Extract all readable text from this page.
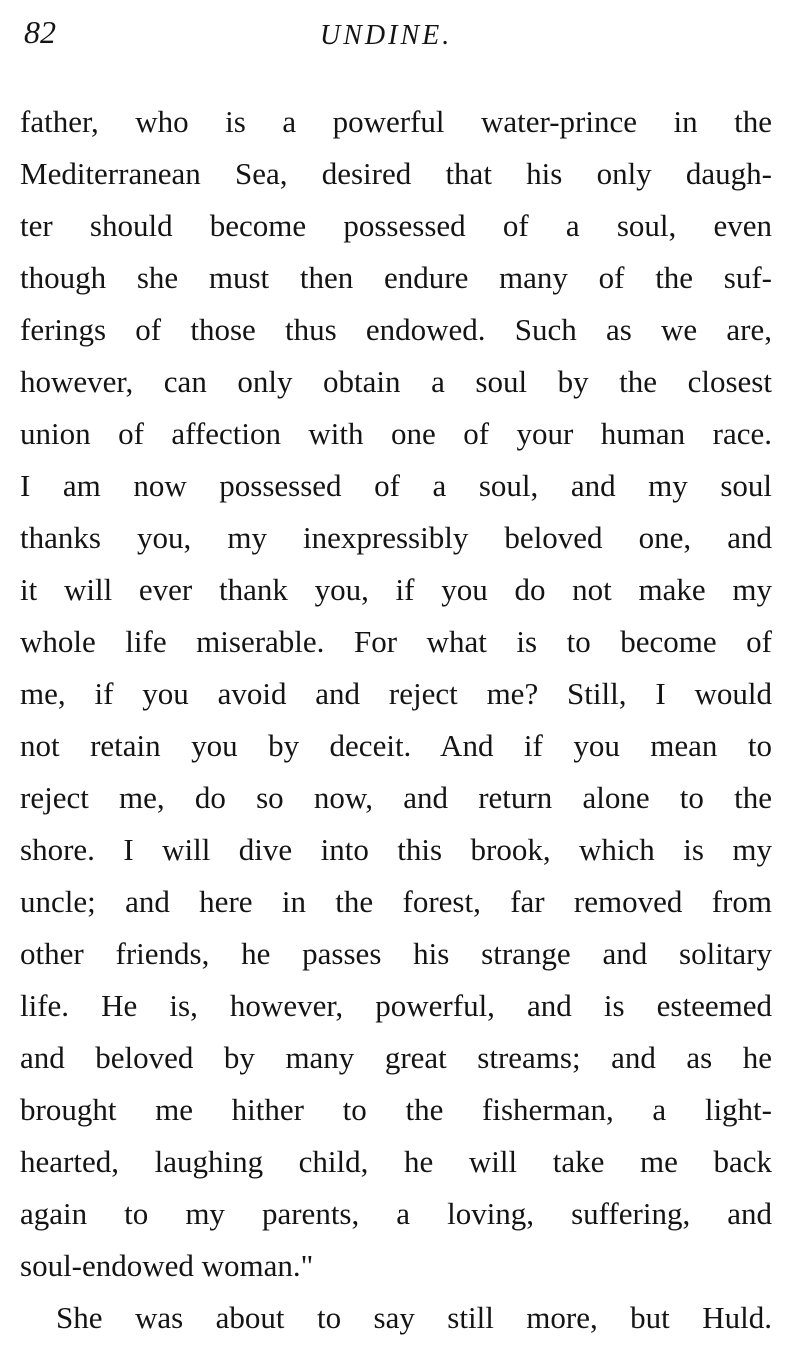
82	UNDINE.
father, who is a powerful water-prince in the
Mediterranean Sea, desired that his only daugh-
ter should become possessed of a soul, even
though she must then endure many of the suf-
ferings of those thus endowed. Such as we are,
however, can only obtain a soul by the closest
union of affection with one of your human race.
I am now possessed of a soul, and my soul
thanks you, my inexpressibly beloved one, and
it will ever thank you, if you do not make my
whole life miserable. For what is to become of
me, if you avoid and reject me? Still, I would
not retain you by deceit. And if you mean to
reject me, do so now, and return alone to the
shore. I will dive into this brook, which is my
uncle; and here in the forest, far removed from
other friends, he passes his strange and solitary
life. He is, however, powerful, and is esteemed
and beloved by many great streams; and as he
brought me hither to the fisherman, a light-
hearted, laughing child, he will take me back
again to my parents, a loving, suffering, and
soul-endowed woman."
She was about to say still more, but Huld.
